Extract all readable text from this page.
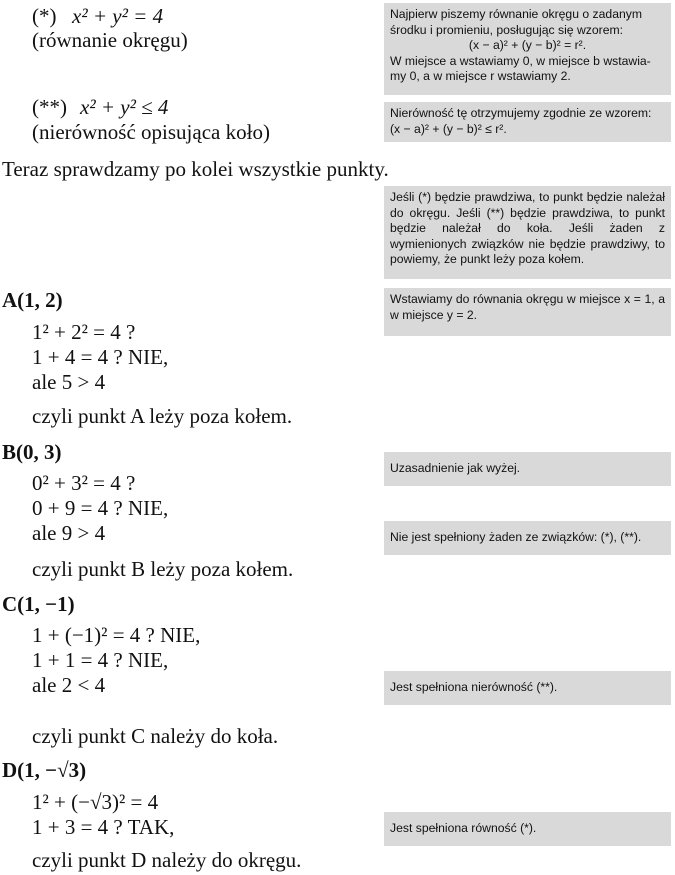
(*) x² + y² = 4
(równanie okręgu)
(**) x² + y² ≤ 4
(nierówność opisująca koło)
Teraz sprawdzamy po kolei wszystkie punkty.
A(1, 2)
1² + 2² = 4 ?
1 + 4 = 4 ? NIE,
ale 5 > 4
czyli punkt A leży poza kołem.
B(0, 3)
0² + 3² = 4 ?
0 + 9 = 4 ? NIE,
ale 9 > 4
czyli punkt B leży poza kołem.
C(1, −1)
1 + (−1)² = 4 ? NIE,
1 + 1 = 4 ? NIE,
ale 2 < 4
czyli punkt C należy do koła.
D(1, −√3)
1² + (−√3)² = 4
1 + 3 = 4 ? TAK,
czyli punkt D należy do okręgu.
Najpierw piszemy równanie okręgu o zadanym
środku i promieniu, posługując się wzorem:
(x − a)² + (y − b)² = r².
W miejsce a wstawiamy 0, w miejsce b wstawia-
my 0, a w miejsce r wstawiamy 2.
Nierówność tę otrzymujemy zgodnie ze wzorem:
(x − a)² + (y − b)² ≤ r².
Jeśli (*) będzie prawdziwa, to punkt będzie należał do okręgu. Jeśli (**) będzie prawdziwa, to punkt będzie należał do koła. Jeśli żaden z wymienionych związków nie będzie prawdziwy, to powiemy, że punkt leży poza kołem.
Wstawiamy do równania okręgu w miejsce x = 1, a w miejsce y = 2.
Uzasadnienie jak wyżej.
Nie jest spełniony żaden ze związków: (*), (**).
Jest spełniona nierówność (**).
Jest spełniona równość (*).
